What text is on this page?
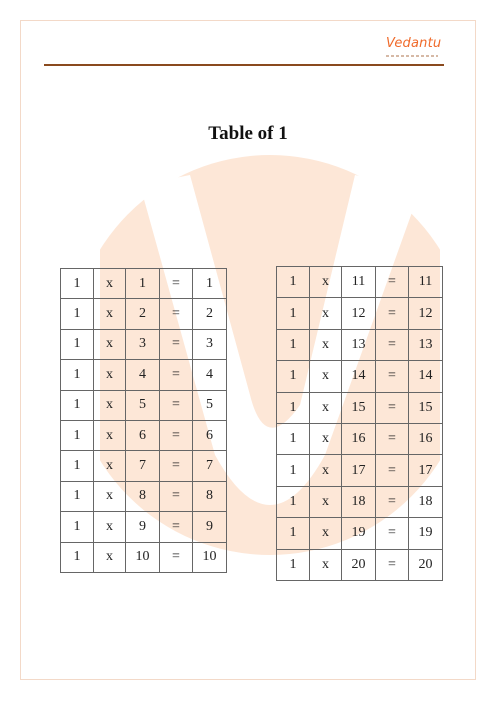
Vedantu
Table of 1
1	x	1	=	1
1	x	2	=	2
1	x	3	=	3
1	x	4	=	4
1	x	5	=	5
1	x	6	=	6
1	x	7	=	7
1	x	8	=	8
1	x	9	=	9
1	x	10	=	10
1	x	11	=	11
1	x	12	=	12
1	x	13	=	13
1	x	14	=	14
1	x	15	=	15
1	x	16	=	16
1	x	17	=	17
1	x	18	=	18
1	x	19	=	19
1	x	20	=	20
